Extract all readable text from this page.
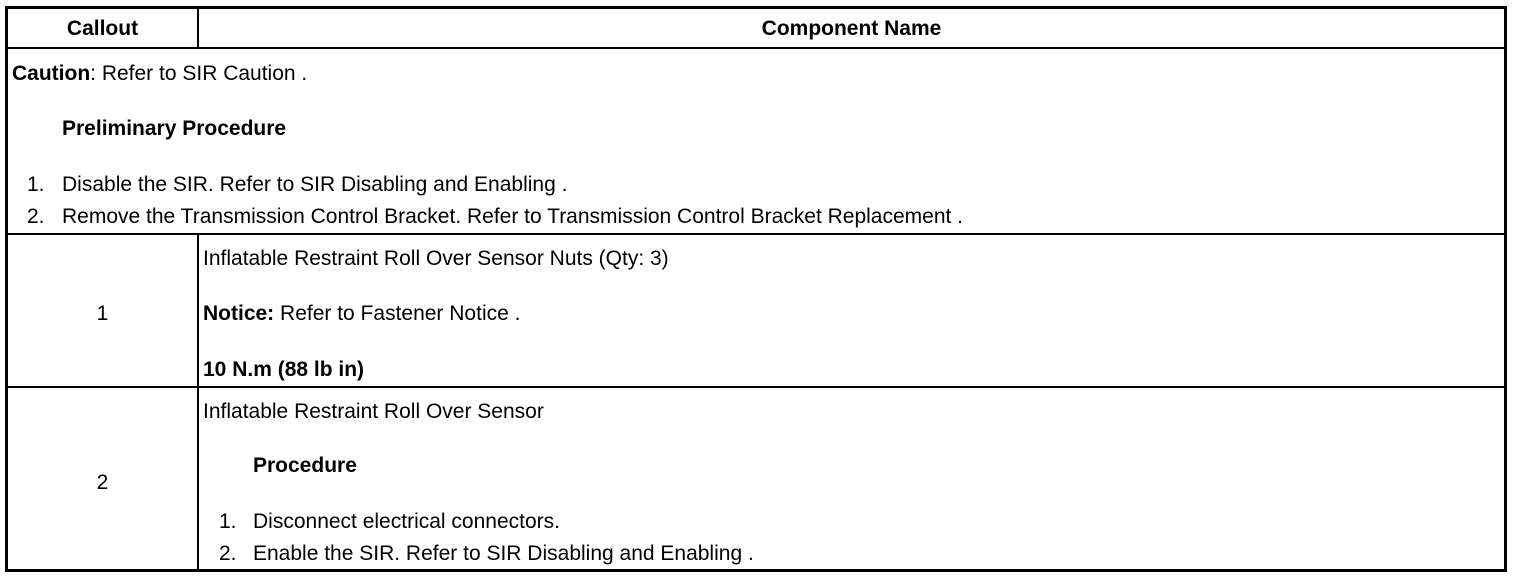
Callout	Component Name
Caution: Refer to SIR Caution .
Preliminary Procedure
1. Disable the SIR. Refer to SIR Disabling and Enabling .
2. Remove the Transmission Control Bracket. Refer to Transmission Control Bracket Replacement .
1
Inflatable Restraint Roll Over Sensor Nuts (Qty: 3)
Notice: Refer to Fastener Notice .
10 N.m (88 lb in)
2
Inflatable Restraint Roll Over Sensor
Procedure
1. Disconnect electrical connectors.
2. Enable the SIR. Refer to SIR Disabling and Enabling .
